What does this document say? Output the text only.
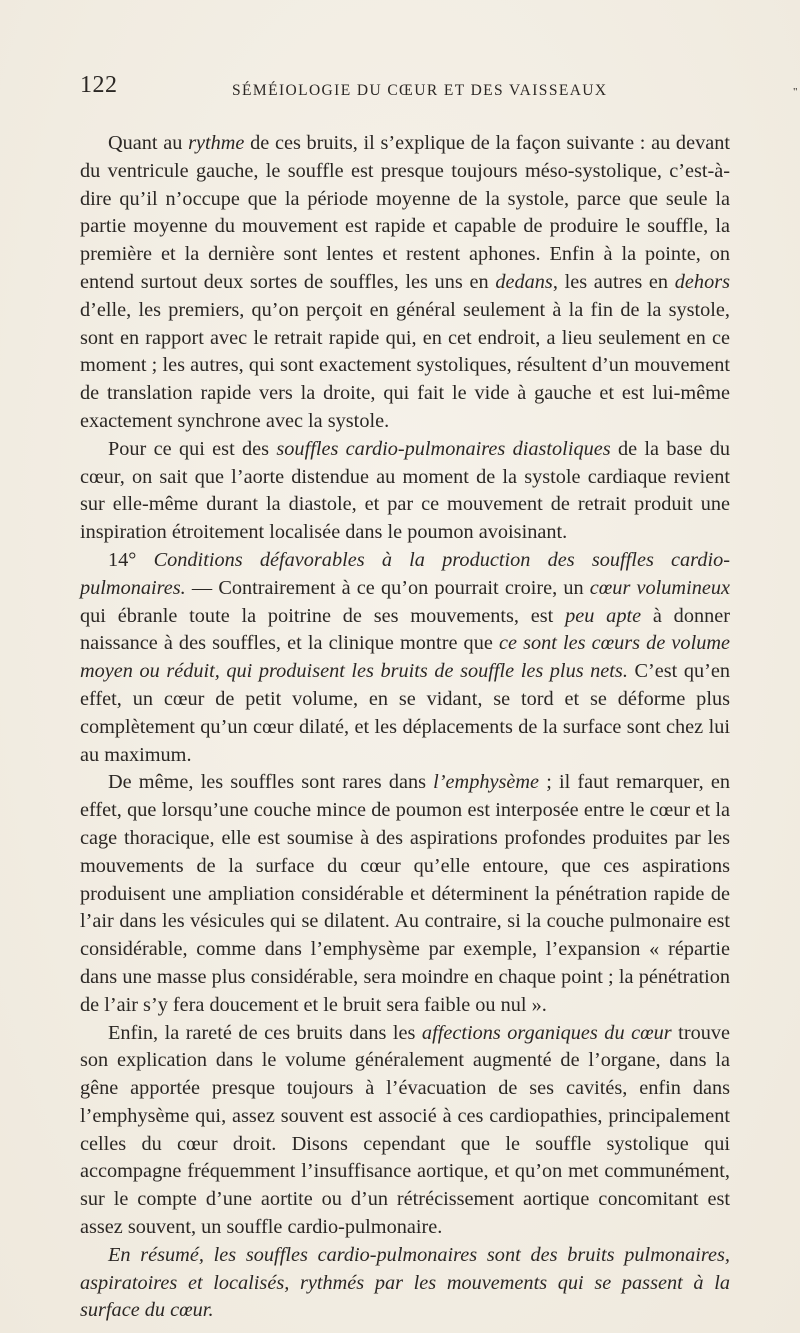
122	SÉMÉIOLOGIE DU CŒUR ET DES VAISSEAUX	"

Quant au rythme de ces bruits, il s’explique de la façon suivante : au devant du ventricule gauche, le souffle est presque toujours méso-systolique, c’est-à-dire qu’il n’occupe que la période moyenne de la systole, parce que seule la partie moyenne du mouvement est rapide et capable de produire le souffle, la première et la dernière sont lentes et restent aphones. Enfin à la pointe, on entend surtout deux sortes de souffles, les uns en dedans, les autres en dehors d’elle, les premiers, qu’on perçoit en général seulement à la fin de la systole, sont en rapport avec le retrait rapide qui, en cet endroit, a lieu seulement en ce moment ; les autres, qui sont exactement systoliques, résultent d’un mouvement de translation rapide vers la droite, qui fait le vide à gauche et est lui-même exactement synchrone avec la systole.

Pour ce qui est des souffles cardio-pulmonaires diastoliques de la base du cœur, on sait que l’aorte distendue au moment de la systole cardiaque revient sur elle-même durant la diastole, et par ce mouvement de retrait produit une inspiration étroitement localisée dans le poumon avoisinant.

14° Conditions défavorables à la production des souffles cardio-pulmonaires. — Contrairement à ce qu’on pourrait croire, un cœur volumineux qui ébranle toute la poitrine de ses mouvements, est peu apte à donner naissance à des souffles, et la clinique montre que ce sont les cœurs de volume moyen ou réduit, qui produisent les bruits de souffle les plus nets. C’est qu’en effet, un cœur de petit volume, en se vidant, se tord et se déforme plus complètement qu’un cœur dilaté, et les déplacements de la surface sont chez lui au maximum.

De même, les souffles sont rares dans l’emphysème ; il faut remarquer, en effet, que lorsqu’une couche mince de poumon est interposée entre le cœur et la cage thoracique, elle est soumise à des aspirations profondes produites par les mouvements de la surface du cœur qu’elle entoure, que ces aspirations produisent une ampliation considérable et déterminent la pénétration rapide de l’air dans les vésicules qui se dilatent. Au contraire, si la couche pulmonaire est considérable, comme dans l’emphysème par exemple, l’expansion « répartie dans une masse plus considérable, sera moindre en chaque point ; la pénétration de l’air s’y fera doucement et le bruit sera faible ou nul ».

Enfin, la rareté de ces bruits dans les affections organiques du cœur trouve son explication dans le volume généralement augmenté de l’organe, dans la gêne apportée presque toujours à l’évacuation de ses cavités, enfin dans l’emphysème qui, assez souvent est associé à ces cardiopathies, principalement celles du cœur droit. Disons cependant que le souffle systolique qui accompagne fréquemment l’insuffisance aortique, et qu’on met communément, sur le compte d’une aortite ou d’un rétrécissement aortique concomitant est assez souvent, un souffle cardio-pulmonaire.

En résumé, les souffles cardio-pulmonaires sont des bruits pulmonaires, aspiratoires et localisés, rythmés par les mouvements qui se passent à la surface du cœur.
